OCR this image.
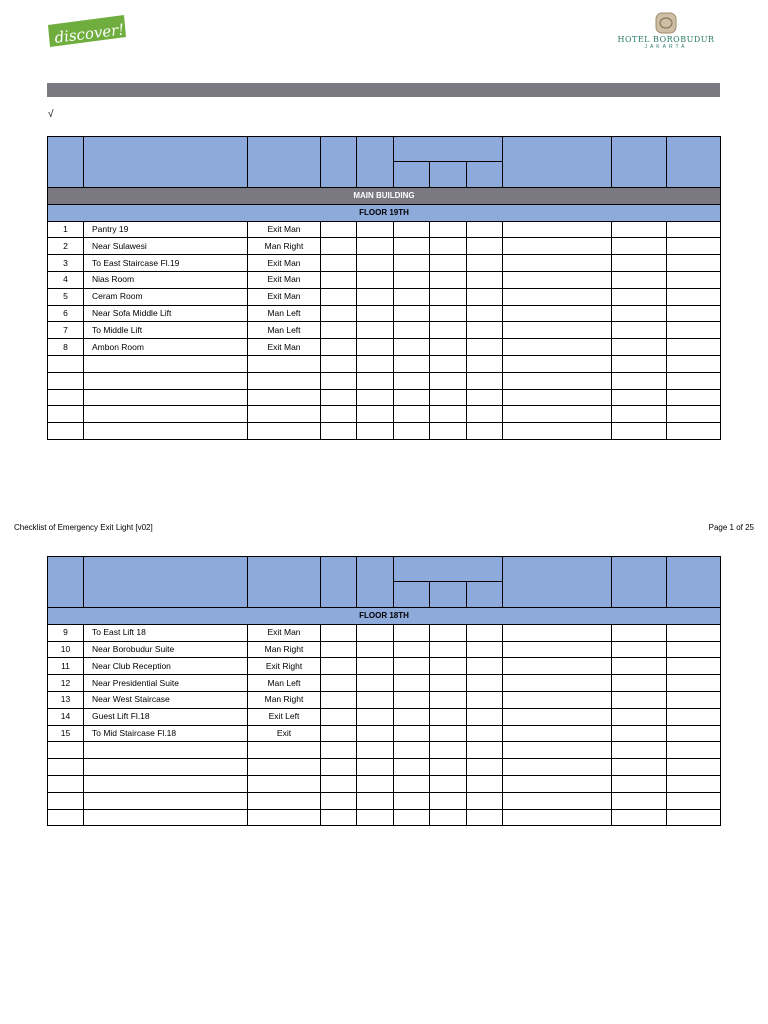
discover!	HOTEL BOROBUDUR
JAKARTA
√

MAIN BUILDING										
FLOOR 19TH										
1	Pantry 19	Exit Man								
2	Near Sulawesi	Man Right								
3	To East Staircase Fl.19	Exit Man								
4	Nias Room	Exit Man								
5	Ceram Room	Exit Man								
6	Near Sofa Middle Lift	Man Left								
7	To Middle Lift	Man Left								
8	Ambon Room	Exit Man								

Checklist of Emergency Exit Light [v02]	Page 1 of 25

FLOOR 18TH										
9	To East Lift 18	Exit Man								
10	Near Borobudur Suite	Man Right								
11	Near Club Reception	Exit Right								
12	Near Presidential Suite	Man Left								
13	Near West Staircase	Man Right								
14	Guest Lift Fl.18	Exit Left								
15	To Mid Staircase Fl.18	Exit								
